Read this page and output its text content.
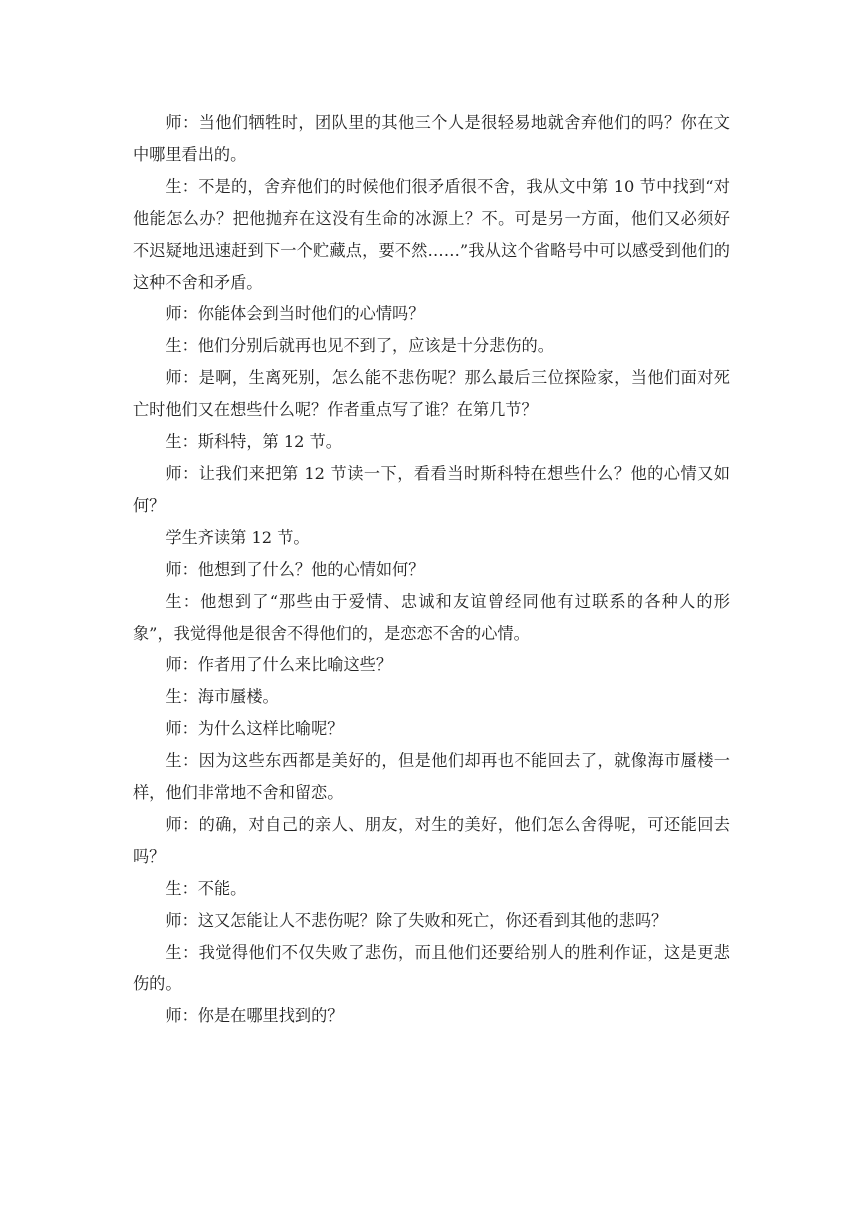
师：当他们牺牲时，团队里的其他三个人是很轻易地就舍弃他们的吗？你在文中哪里看出的。

生：不是的，舍弃他们的时候他们很矛盾很不舍，我从文中第 10 节中找到“对他能怎么办？把他抛弃在这没有生命的冰源上？不。可是另一方面，他们又必须好不迟疑地迅速赶到下一个贮藏点，要不然……”我从这个省略号中可以感受到他们的这种不舍和矛盾。

师：你能体会到当时他们的心情吗？

生：他们分别后就再也见不到了，应该是十分悲伤的。

师：是啊，生离死别，怎么能不悲伤呢？那么最后三位探险家，当他们面对死亡时他们又在想些什么呢？作者重点写了谁？在第几节？

生：斯科特，第 12 节。

师：让我们来把第 12 节读一下，看看当时斯科特在想些什么？他的心情又如何？

学生齐读第 12 节。

师：他想到了什么？他的心情如何？

生：他想到了“那些由于爱情、忠诚和友谊曾经同他有过联系的各种人的形象”，我觉得他是很舍不得他们的，是恋恋不舍的心情。

师：作者用了什么来比喻这些？

生：海市蜃楼。

师：为什么这样比喻呢？

生：因为这些东西都是美好的，但是他们却再也不能回去了，就像海市蜃楼一样，他们非常地不舍和留恋。

师：的确，对自己的亲人、朋友，对生的美好，他们怎么舍得呢，可还能回去吗？

生：不能。

师：这又怎能让人不悲伤呢？除了失败和死亡，你还看到其他的悲吗？

生：我觉得他们不仅失败了悲伤，而且他们还要给别人的胜利作证，这是更悲伤的。

师：你是在哪里找到的？
